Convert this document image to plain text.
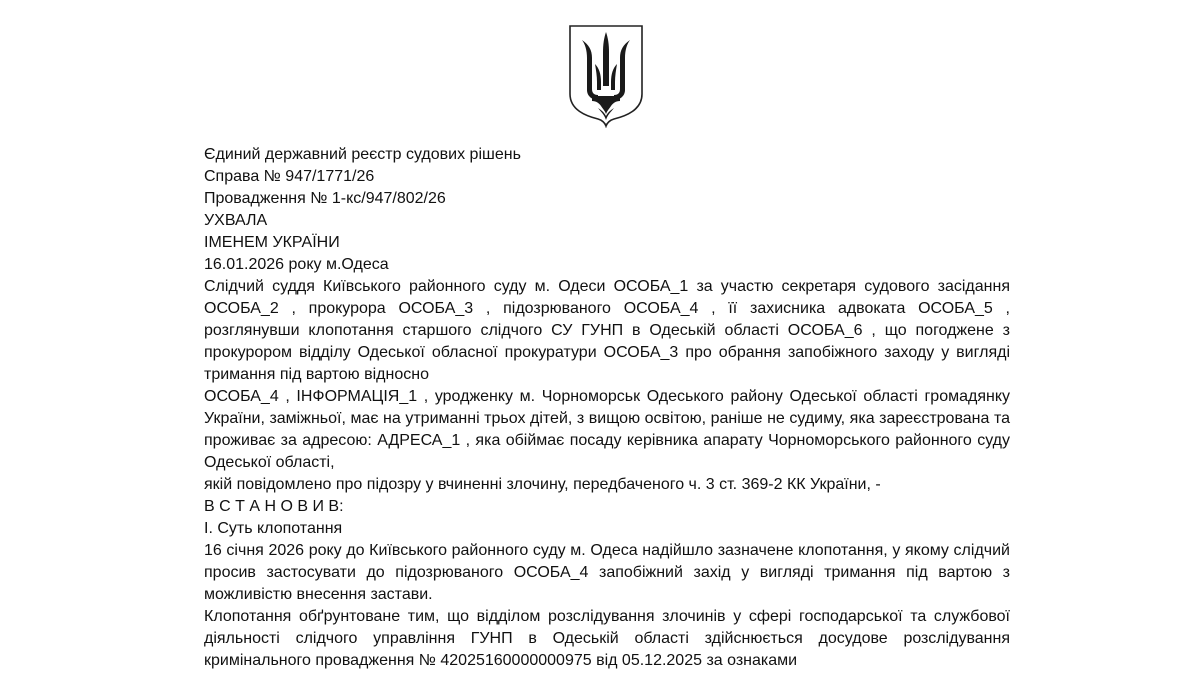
Єдиний державний реєстр судових рішень
Справа № 947/1771/26
Провадження № 1-кс/947/802/26
УХВАЛА
ІМЕНЕМ УКРАЇНИ
16.01.2026 року м.Одеса

Слідчий суддя Київського районного суду м. Одеси ОСОБА_1 за участю секретаря судового засідання ОСОБА_2 , прокурора ОСОБА_3 , підозрюваного ОСОБА_4 , її захисника адвоката ОСОБА_5 , розглянувши клопотання старшого слідчого СУ ГУНП в Одеській області ОСОБА_6 , що погоджене з прокурором відділу Одеської обласної прокуратури ОСОБА_3 про обрання запобіжного заходу у вигляді тримання під вартою відносно

ОСОБА_4 , ІНФОРМАЦІЯ_1 , уродженку м. Чорноморськ Одеського району Одеської області громадянку України, заміжньої, має на утриманні трьох дітей, з вищою освітою, раніше не судиму, яка зареєстрована та проживає за адресою: АДРЕСА_1 , яка обіймає посаду керівника апарату Чорноморського районного суду Одеської області,

якій повідомлено про підозру у вчиненні злочину, передбаченого ч. 3 ст. 369-2 КК України, -
В С Т А Н О В И В:
І. Суть клопотання

16 січня 2026 року до Київського районного суду м. Одеса надійшло зазначене клопотання, у якому слідчий просив застосувати до підозрюваного ОСОБА_4 запобіжний захід у вигляді тримання під вартою з можливістю внесення застави.

Клопотання обґрунтоване тим, що відділом розслідування злочинів у сфері господарської та службової діяльності слідчого управління ГУНП в Одеській області здійснюється досудове розслідування кримінального провадження № 42025160000000975 від 05.12.2025 за ознаками
